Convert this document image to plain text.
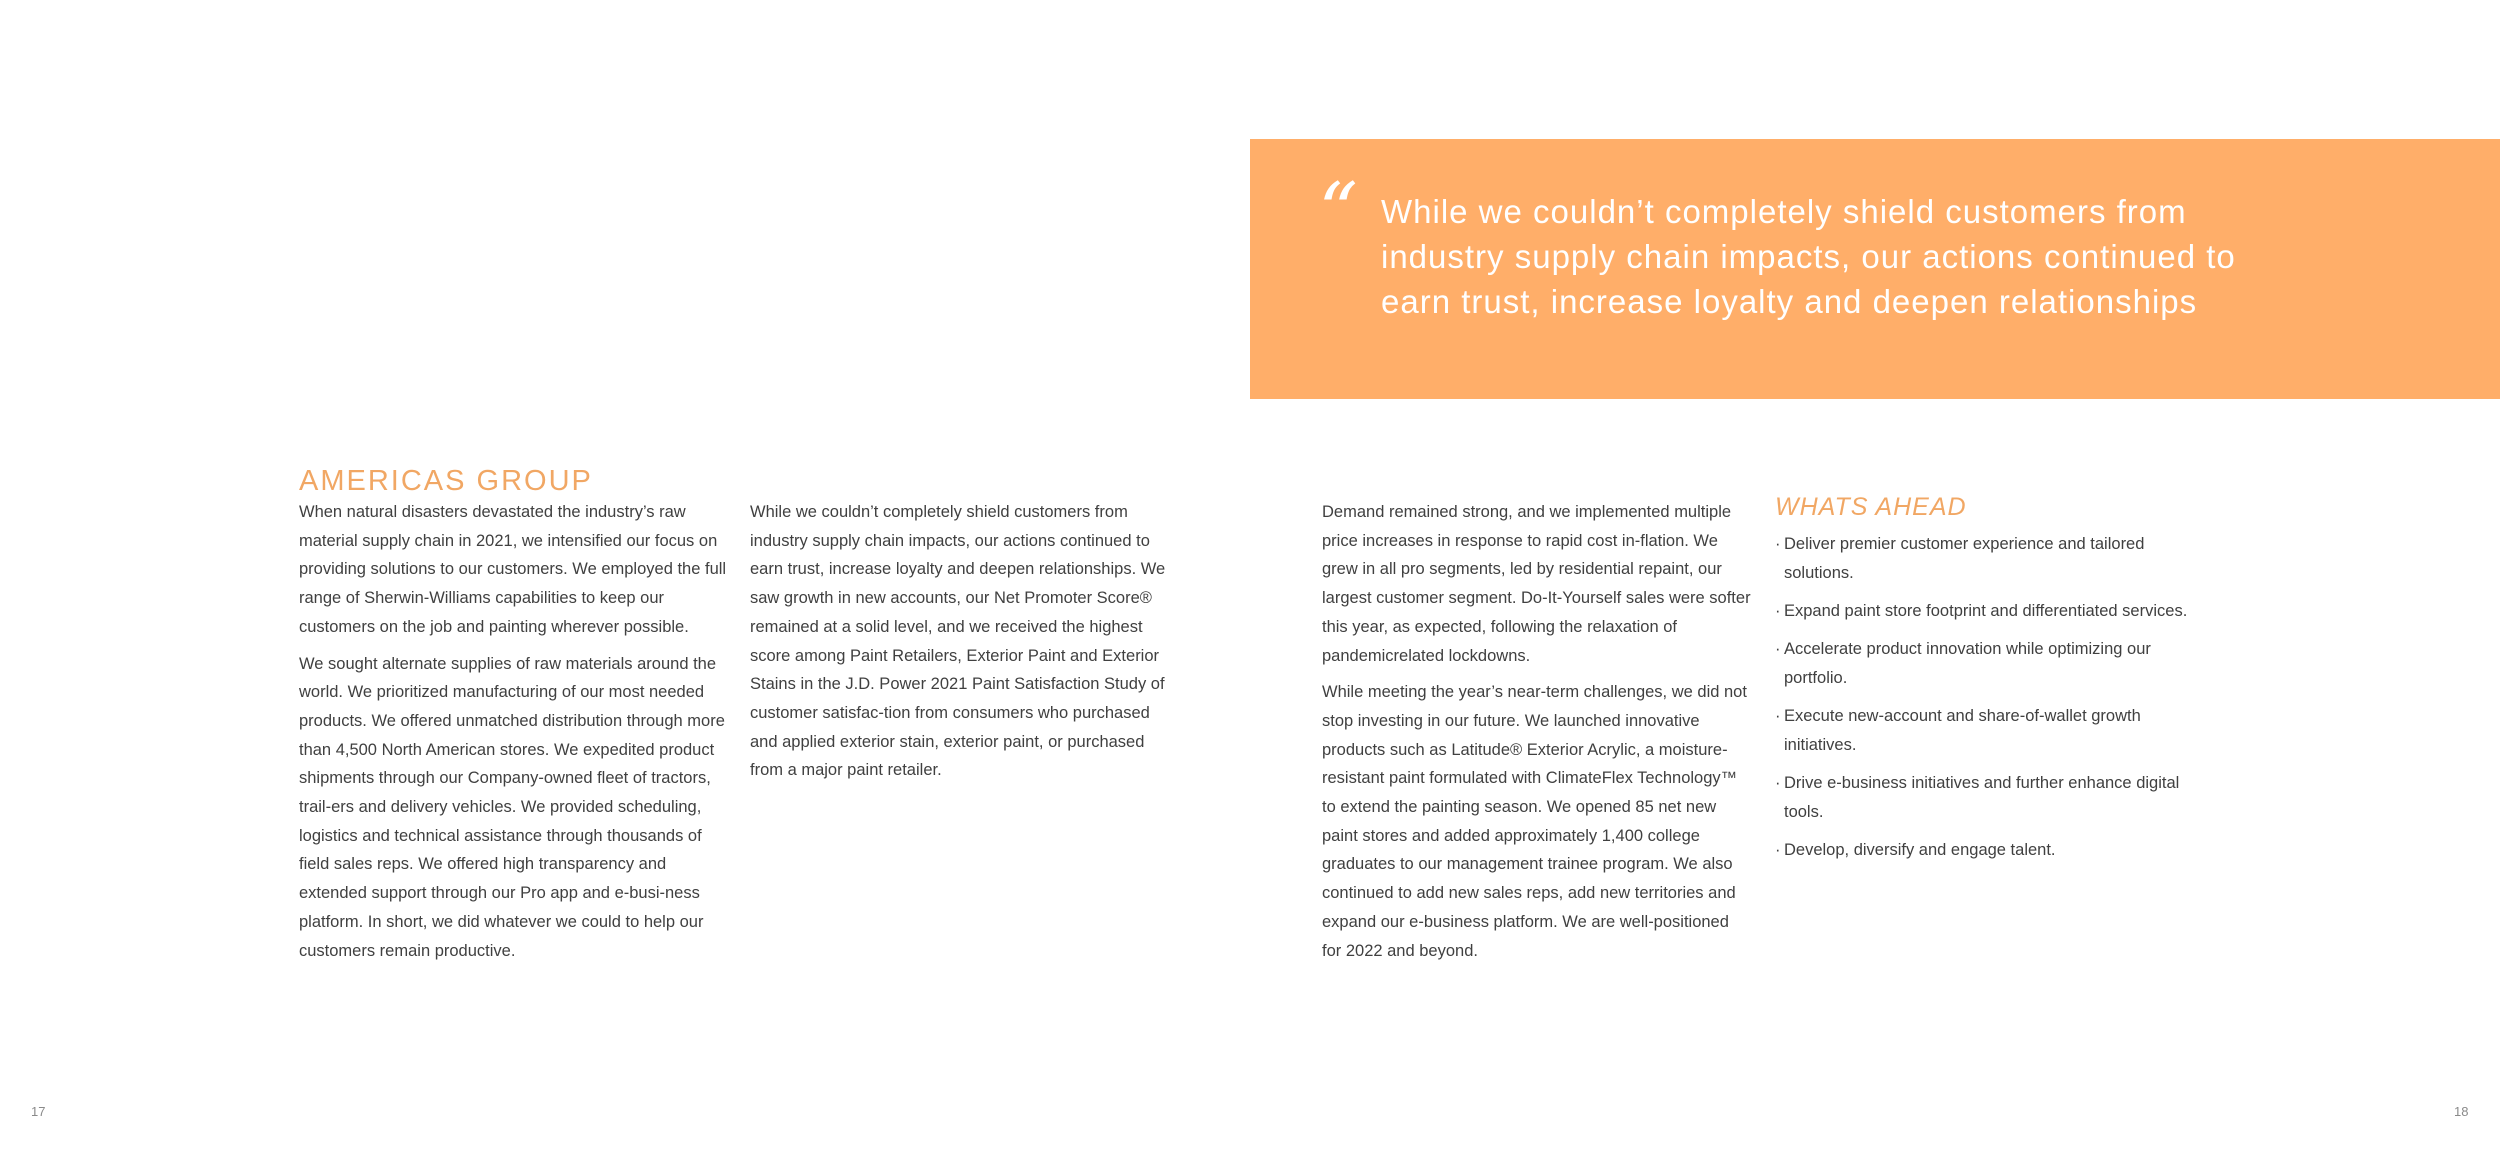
“ While we couldn’t completely shield customers from industry supply chain impacts, our actions continued to earn trust, increase loyalty and deepen relationships

AMERICAS GROUP

When natural disasters devastated the industry’s raw material supply chain in 2021, we intensified our focus on providing solutions to our customers. We employed the full range of Sherwin-Williams capabilities to keep our customers on the job and painting wherever possible.

We sought alternate supplies of raw materials around the world. We prioritized manufacturing of our most needed products. We offered unmatched distribution through more than 4,500 North American stores. We expedited product shipments through our Company-owned fleet of tractors, trail-ers and delivery vehicles. We provided scheduling, logistics and technical assistance through thousands of field sales reps. We offered high transparency and extended support through our Pro app and e-busi-ness platform. In short, we did whatever we could to help our customers remain productive.

While we couldn’t completely shield customers from industry supply chain impacts, our actions continued to earn trust, increase loyalty and deepen relationships. We saw growth in new accounts, our Net Promoter Score® remained at a solid level, and we received the highest score among Paint Retailers, Exterior Paint and Exterior Stains in the J.D. Power 2021 Paint Satisfaction Study of customer satisfac-tion from consumers who purchased and applied exterior stain, exterior paint, or purchased from a major paint retailer.

Demand remained strong, and we implemented multiple price increases in response to rapid cost in-flation. We grew in all pro segments, led by residential repaint, our largest customer segment. Do-It-Yourself sales were softer this year, as expected, following the relaxation of pandemicrelated lockdowns.

While meeting the year’s near-term challenges, we did not stop investing in our future. We launched innovative products such as Latitude® Exterior Acrylic, a moisture-resistant paint formulated with ClimateFlex Technology™ to extend the painting season. We opened 85 net new paint stores and added approximately 1,400 college graduates to our management trainee program. We also continued to add new sales reps, add new territories and expand our e-business platform. We are well-positioned for 2022 and beyond.

WHATS AHEAD
· Deliver premier customer experience and tailored solutions.
· Expand paint store footprint and differentiated services.
· Accelerate product innovation while optimizing our portfolio.
· Execute new-account and share-of-wallet growth initiatives.
· Drive e-business initiatives and further enhance digital tools.
· Develop, diversify and engage talent.
17	18
